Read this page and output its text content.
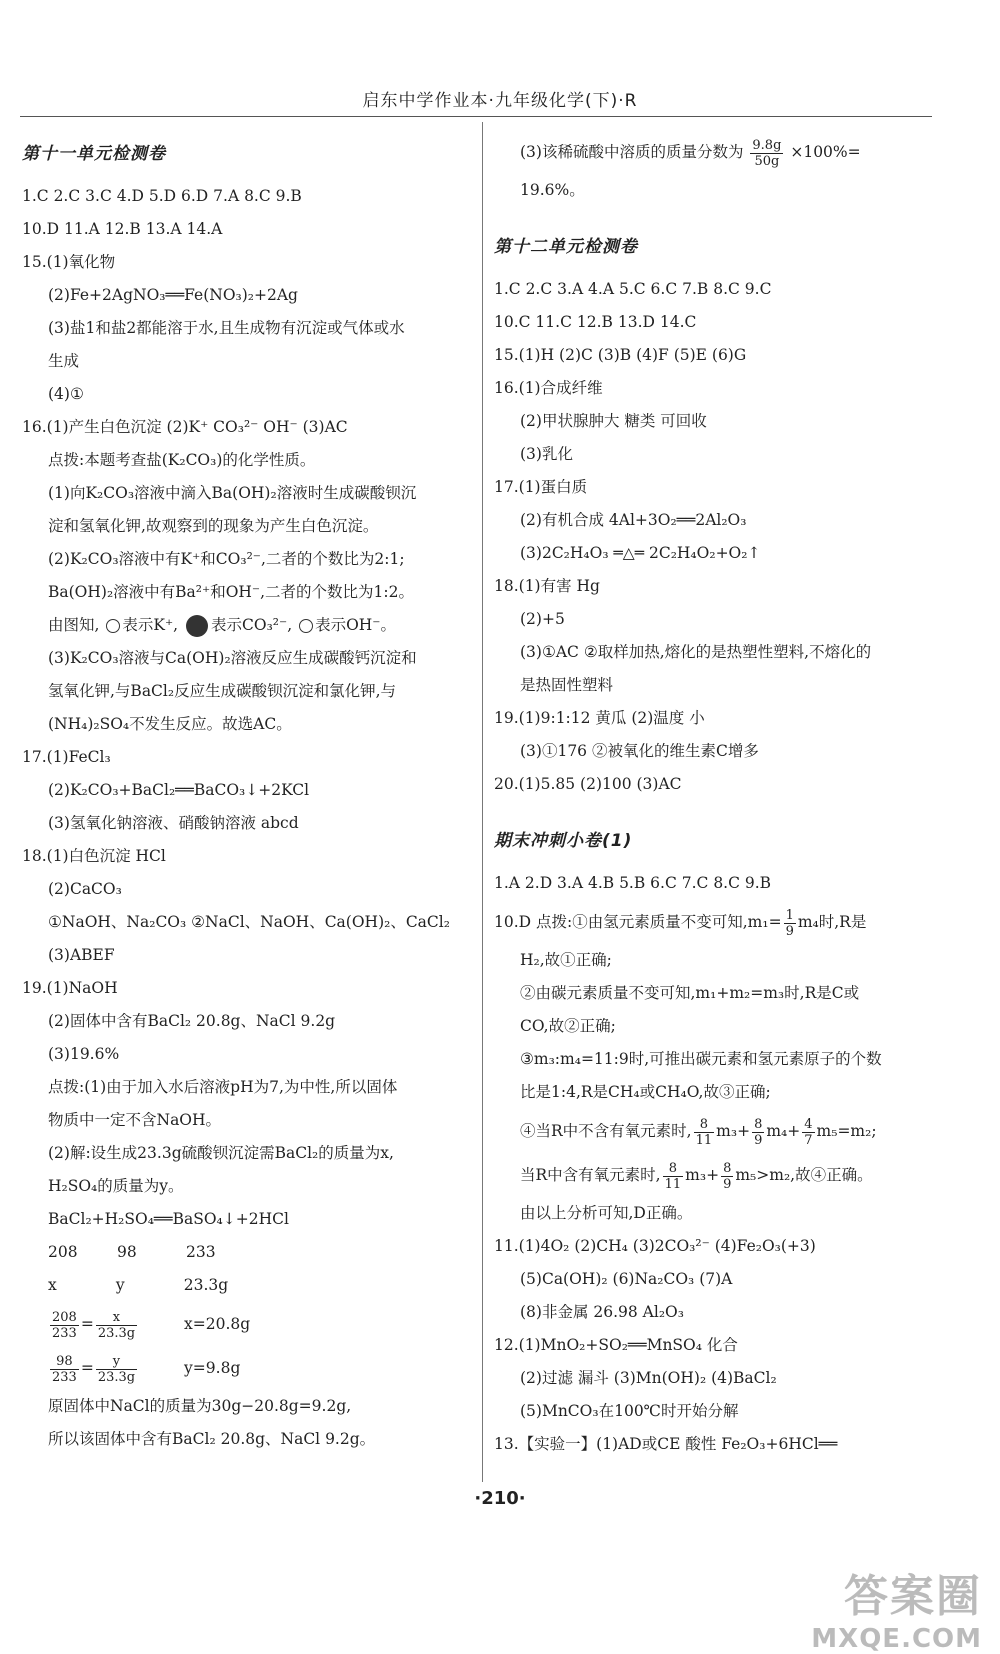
启东中学作业本·九年级化学(下)·R
第十一单元检测卷
1.C 2.C 3.C 4.D 5.D 6.D 7.A 8.C 9.B
10.D 11.A 12.B 13.A 14.A
15.(1)氧化物
(2)Fe+2AgNO₃══Fe(NO₃)₂+2Ag
(3)盐1和盐2都能溶于水,且生成物有沉淀或气体或水
生成
(4)①
16.(1)产生白色沉淀 (2)K⁺ CO₃²⁻ OH⁻ (3)AC
点拨:本题考查盐(K₂CO₃)的化学性质。
(1)向K₂CO₃溶液中滴入Ba(OH)₂溶液时生成碳酸钡沉
淀和氢氧化钾,故观察到的现象为产生白色沉淀。
(2)K₂CO₃溶液中有K⁺和CO₃²⁻,二者的个数比为2:1;
Ba(OH)₂溶液中有Ba²⁺和OH⁻,二者的个数比为1:2。
由图知, 表示K⁺, 表示CO₃²⁻, 表示OH⁻。
(3)K₂CO₃溶液与Ca(OH)₂溶液反应生成碳酸钙沉淀和
氢氧化钾,与BaCl₂反应生成碳酸钡沉淀和氯化钾,与
(NH₄)₂SO₄不发生反应。故选AC。
17.(1)FeCl₃
(2)K₂CO₃+BaCl₂══BaCO₃↓+2KCl
(3)氢氧化钠溶液、硝酸钠溶液 abcd
18.(1)白色沉淀 HCl
(2)CaCO₃
①NaOH、Na₂CO₃ ②NaCl、NaOH、Ca(OH)₂、CaCl₂
(3)ABEF
19.(1)NaOH
(2)固体中含有BaCl₂ 20.8g、NaCl 9.2g
(3)19.6%
点拨:(1)由于加入水后溶液pH为7,为中性,所以固体
物质中一定不含NaOH。
(2)解:设生成23.3g硫酸钡沉淀需BaCl₂的质量为x,
H₂SO₄的质量为y。
BaCl₂+H₂SO₄══BaSO₄↓+2HCl
208        98          233
x            y            23.3g
$\frac{208}{233} = \frac{x}{23.3g}$	x=20.8g
$\frac{98}{233} = \frac{y}{23.3g}$	y=9.8g
原固体中NaCl的质量为30g−20.8g=9.2g,
所以该固体中含有BaCl₂ 20.8g、NaCl 9.2g。
(3)该稀硫酸中溶质的质量分数为 $\frac{9.8g}{50g} \times 100\%=$
19.6%。
第十二单元检测卷
1.C 2.C 3.A 4.A 5.C 6.C 7.B 8.C 9.C
10.C 11.C 12.B 13.D 14.C
15.(1)H (2)C (3)B (4)F (5)E (6)G
16.(1)合成纤维
(2)甲状腺肿大 糖类 可回收
(3)乳化
17.(1)蛋白质
(2)有机合成 4Al+3O₂══2Al₂O₃
(3)2C₂H₄O₃ ═△═ 2C₂H₄O₂+O₂↑
18.(1)有害 Hg
(2)+5
(3)①AC ②取样加热,熔化的是热塑性塑料,不熔化的
是热固性塑料
19.(1)9:1:12 黄瓜 (2)温度 小
(3)①176 ②被氧化的维生素C增多
20.(1)5.85 (2)100 (3)AC
期末冲刺小卷(1)
1.A 2.D 3.A 4.B 5.B 6.C 7.C 8.C 9.B
10.D 点拨:①由氢元素质量不变可知$,m_1= \frac{1}{9} m_4$时,R是
H₂,故①正确;
②由碳元素质量不变可知,m₁+m₂=m₃时,R是C或
CO,故②正确;
③m₃:m₄=11:9时,可推出碳元素和氢元素原子的个数
比是1:4,R是CH₄或CH₄O,故③正确;
④当R中不含有氧元素时, $\frac{8}{11} m_3+ \frac{8}{9} m_4+ \frac{4}{7} m_5=m_2$;
当R中含有氧元素时, $\frac{8}{11} m_3+ \frac{8}{9} m_5>m_2$,故④正确。
由以上分析可知,D正确。
11.(1)4O₂ (2)CH₄ (3)2CO₃²⁻ (4)Fe₂O₃(+3)
(5)Ca(OH)₂ (6)Na₂CO₃ (7)A
(8)非金属 26.98 Al₂O₃
12.(1)MnO₂+SO₂══MnSO₄ 化合
(2)过滤 漏斗 (3)Mn(OH)₂ (4)BaCl₂
(5)MnCO₃在100℃时开始分解
13.【实验一】(1)AD或CE 酸性 Fe₂O₃+6HCl══
·210·
答案圈
MXQE.COM
